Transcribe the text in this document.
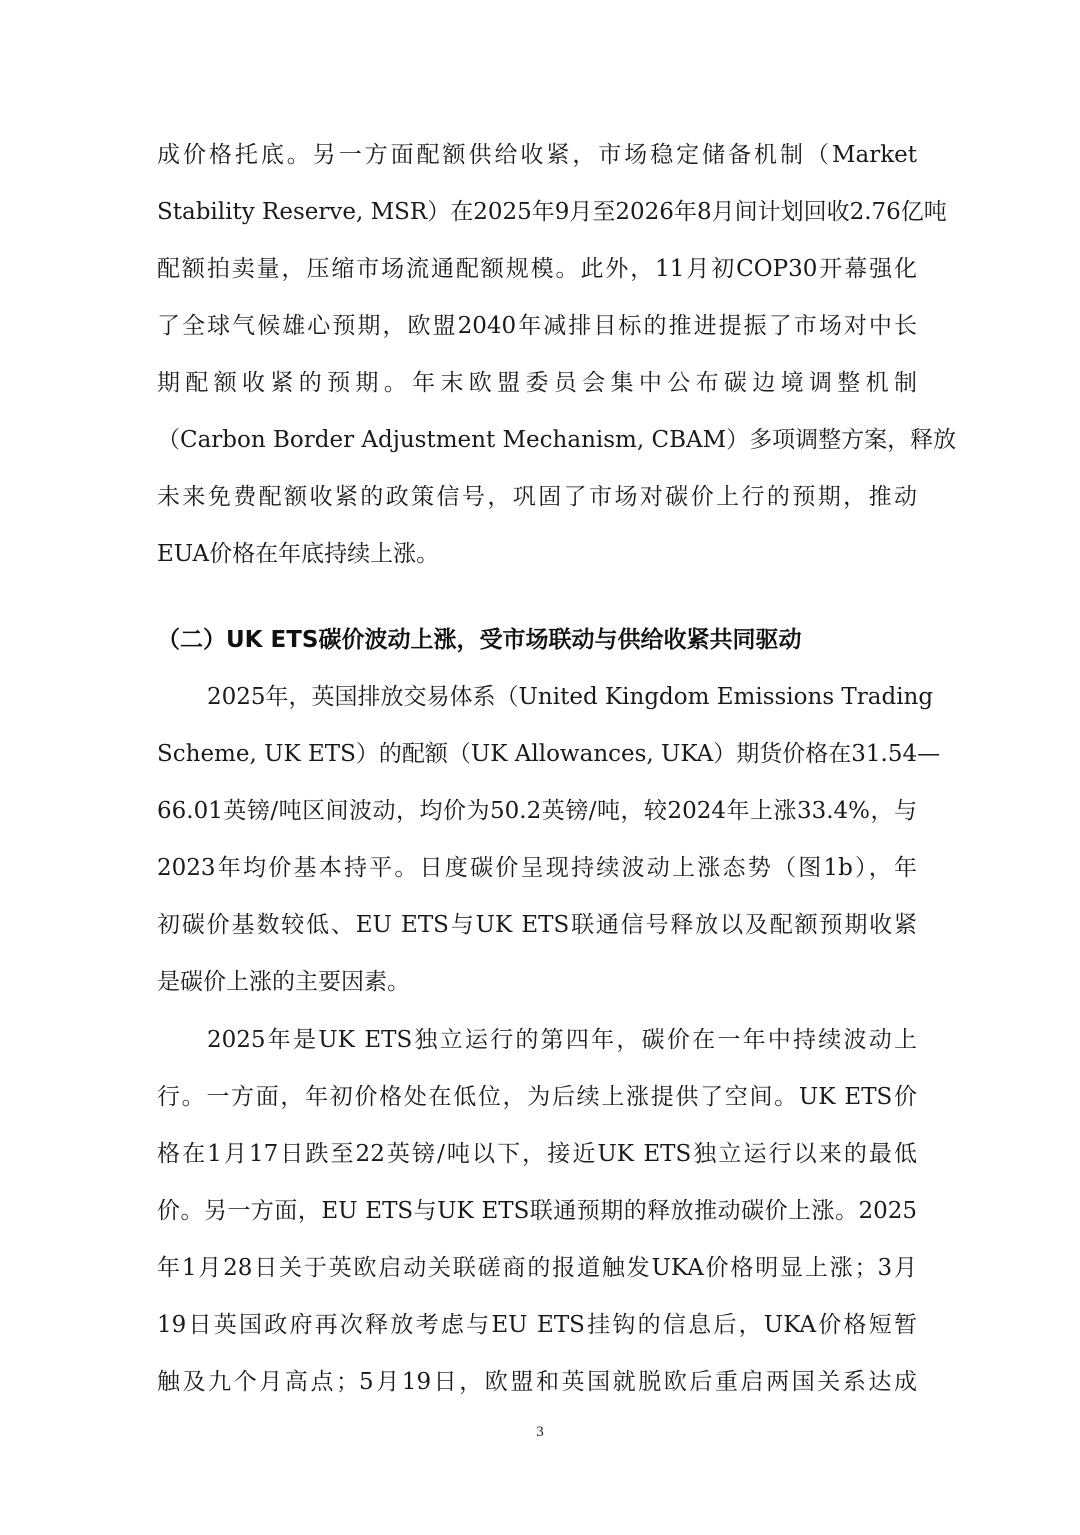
成价格托底。另一方面配额供给收紧，市场稳定储备机制（Market
Stability Reserve, MSR）在2025年9月至2026年8月间计划回收2.76亿吨
配额拍卖量，压缩市场流通配额规模。此外，11月初COP30开幕强化
了全球气候雄心预期，欧盟2040年减排目标的推进提振了市场对中长
期配额收紧的预期。年末欧盟委员会集中公布碳边境调整机制
（Carbon Border Adjustment Mechanism, CBAM）多项调整方案，释放
未来免费配额收紧的政策信号，巩固了市场对碳价上行的预期，推动
EUA价格在年底持续上涨。
（二）UK ETS碳价波动上涨，受市场联动与供给收紧共同驱动
2025年，英国排放交易体系（United Kingdom Emissions Trading
Scheme, UK ETS）的配额（UK Allowances, UKA）期货价格在31.54—
66.01英镑/吨区间波动，均价为50.2英镑/吨，较2024年上涨33.4%，与
2023年均价基本持平。日度碳价呈现持续波动上涨态势（图1b），年
初碳价基数较低、EU ETS与UK ETS联通信号释放以及配额预期收紧
是碳价上涨的主要因素。
2025年是UK ETS独立运行的第四年，碳价在一年中持续波动上
行。一方面，年初价格处在低位，为后续上涨提供了空间。UK ETS价
格在1月17日跌至22英镑/吨以下，接近UK ETS独立运行以来的最低
价。另一方面，EU ETS与UK ETS联通预期的释放推动碳价上涨。2025
年1月28日关于英欧启动关联磋商的报道触发UKA价格明显上涨；3月
19日英国政府再次释放考虑与EU ETS挂钩的信息后，UKA价格短暂
触及九个月高点；5月19日，欧盟和英国就脱欧后重启两国关系达成
3
